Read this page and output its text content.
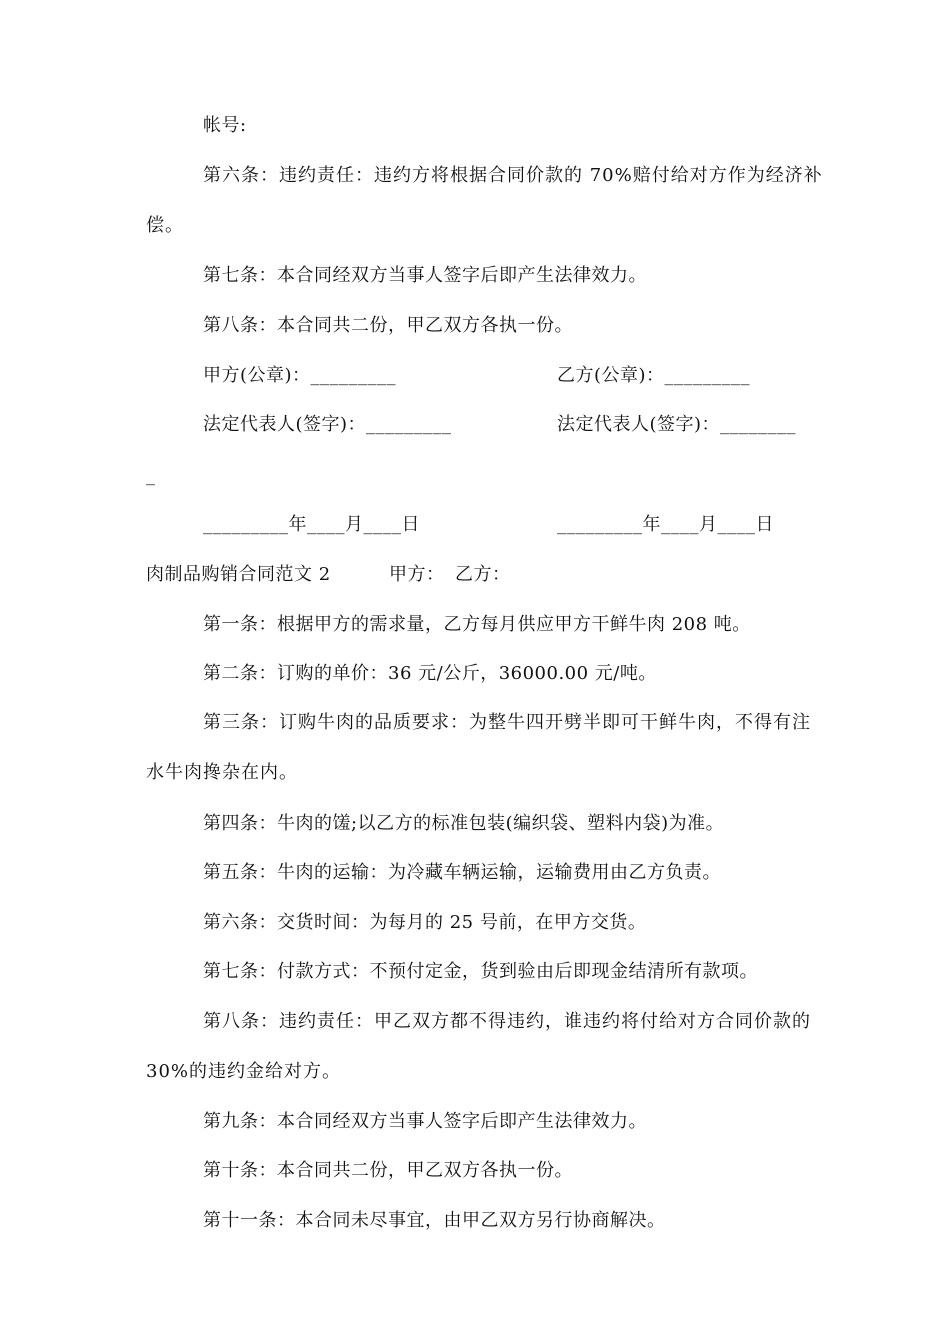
帐号:
第六条：违约责任：违约方将根据合同价款的 70%赔付给对方作为经济补偿。
第七条：本合同经双方当事人签字后即产生法律效力。
第八条：本合同共二份，甲乙双方各执一份。
甲方(公章)：_________	乙方(公章)：_________
法定代表人(签字)：_________	法定代表人(签字)：________
_
_________年____月____日	_________年____月____日
肉制品购销合同范文 2	甲方： 乙方：
第一条：根据甲方的需求量，乙方每月供应甲方干鲜牛肉 208 吨。
第二条：订购的单价：36 元/公斤，36000.00 元/吨。
第三条：订购牛肉的品质要求：为整牛四开劈半即可干鲜牛肉，不得有注水牛肉搀杂在内。
第四条：牛肉的馐;以乙方的标准包装(编织袋、塑料内袋)为准。
第五条：牛肉的运输：为冷藏车辆运输，运输费用由乙方负责。
第六条：交货时间：为每月的 25 号前，在甲方交货。
第七条：付款方式：不预付定金，货到验由后即现金结清所有款项。
第八条：违约责任：甲乙双方都不得违约，谁违约将付给对方合同价款的 30%的违约金给对方。
第九条：本合同经双方当事人签字后即产生法律效力。
第十条：本合同共二份，甲乙双方各执一份。
第十一条：本合同未尽事宜，由甲乙双方另行协商解决。
